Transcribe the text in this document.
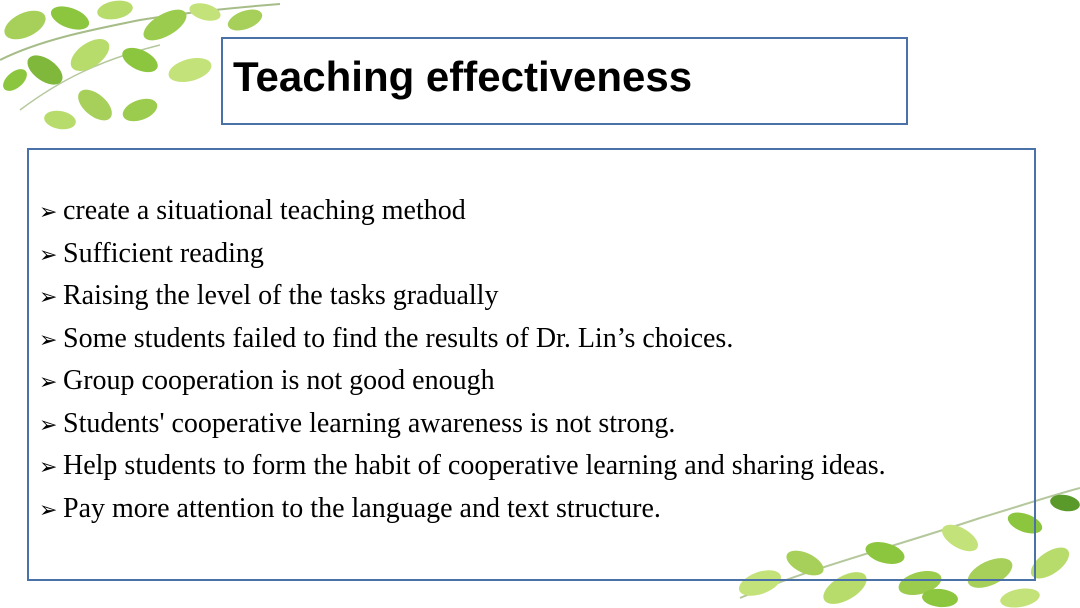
Teaching effectiveness
➢ create a situational teaching method
➢ Sufficient reading
➢ Raising the level of the tasks gradually
➢ Some students failed to find the results of Dr. Lin’s choices.
➢ Group cooperation is not good enough
➢ Students' cooperative learning awareness is not strong.
➢ Help students to form the habit of cooperative learning and sharing ideas.
➢ Pay more attention to the language and text structure.
